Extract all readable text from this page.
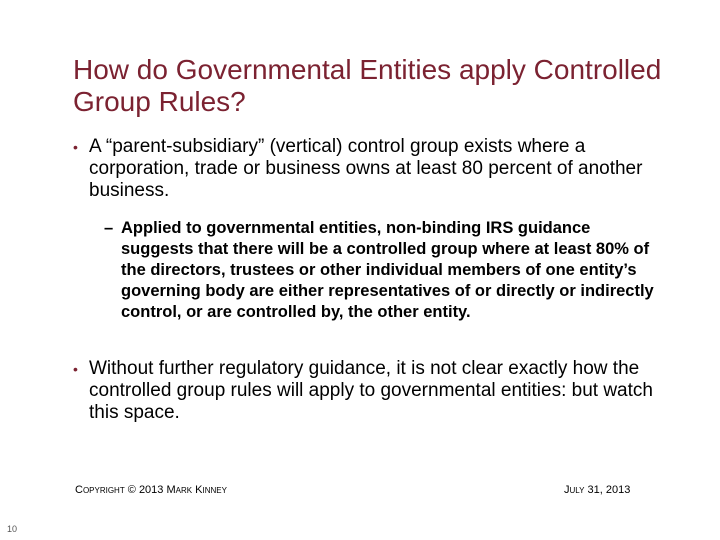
How do Governmental Entities apply Controlled Group Rules?
• A “parent-subsidiary” (vertical) control group exists where a corporation, trade or business owns at least 80 percent of another business.
– Applied to governmental entities, non-binding IRS guidance suggests that there will be a controlled group where at least 80% of the directors, trustees or other individual members of one entity’s governing body are either representatives of or directly or indirectly control, or are controlled by, the other entity.
• Without further regulatory guidance, it is not clear exactly how the controlled group rules will apply to governmental entities: but watch this space.
Copyright © 2013 Mark Kinney	July 31, 2013
10
